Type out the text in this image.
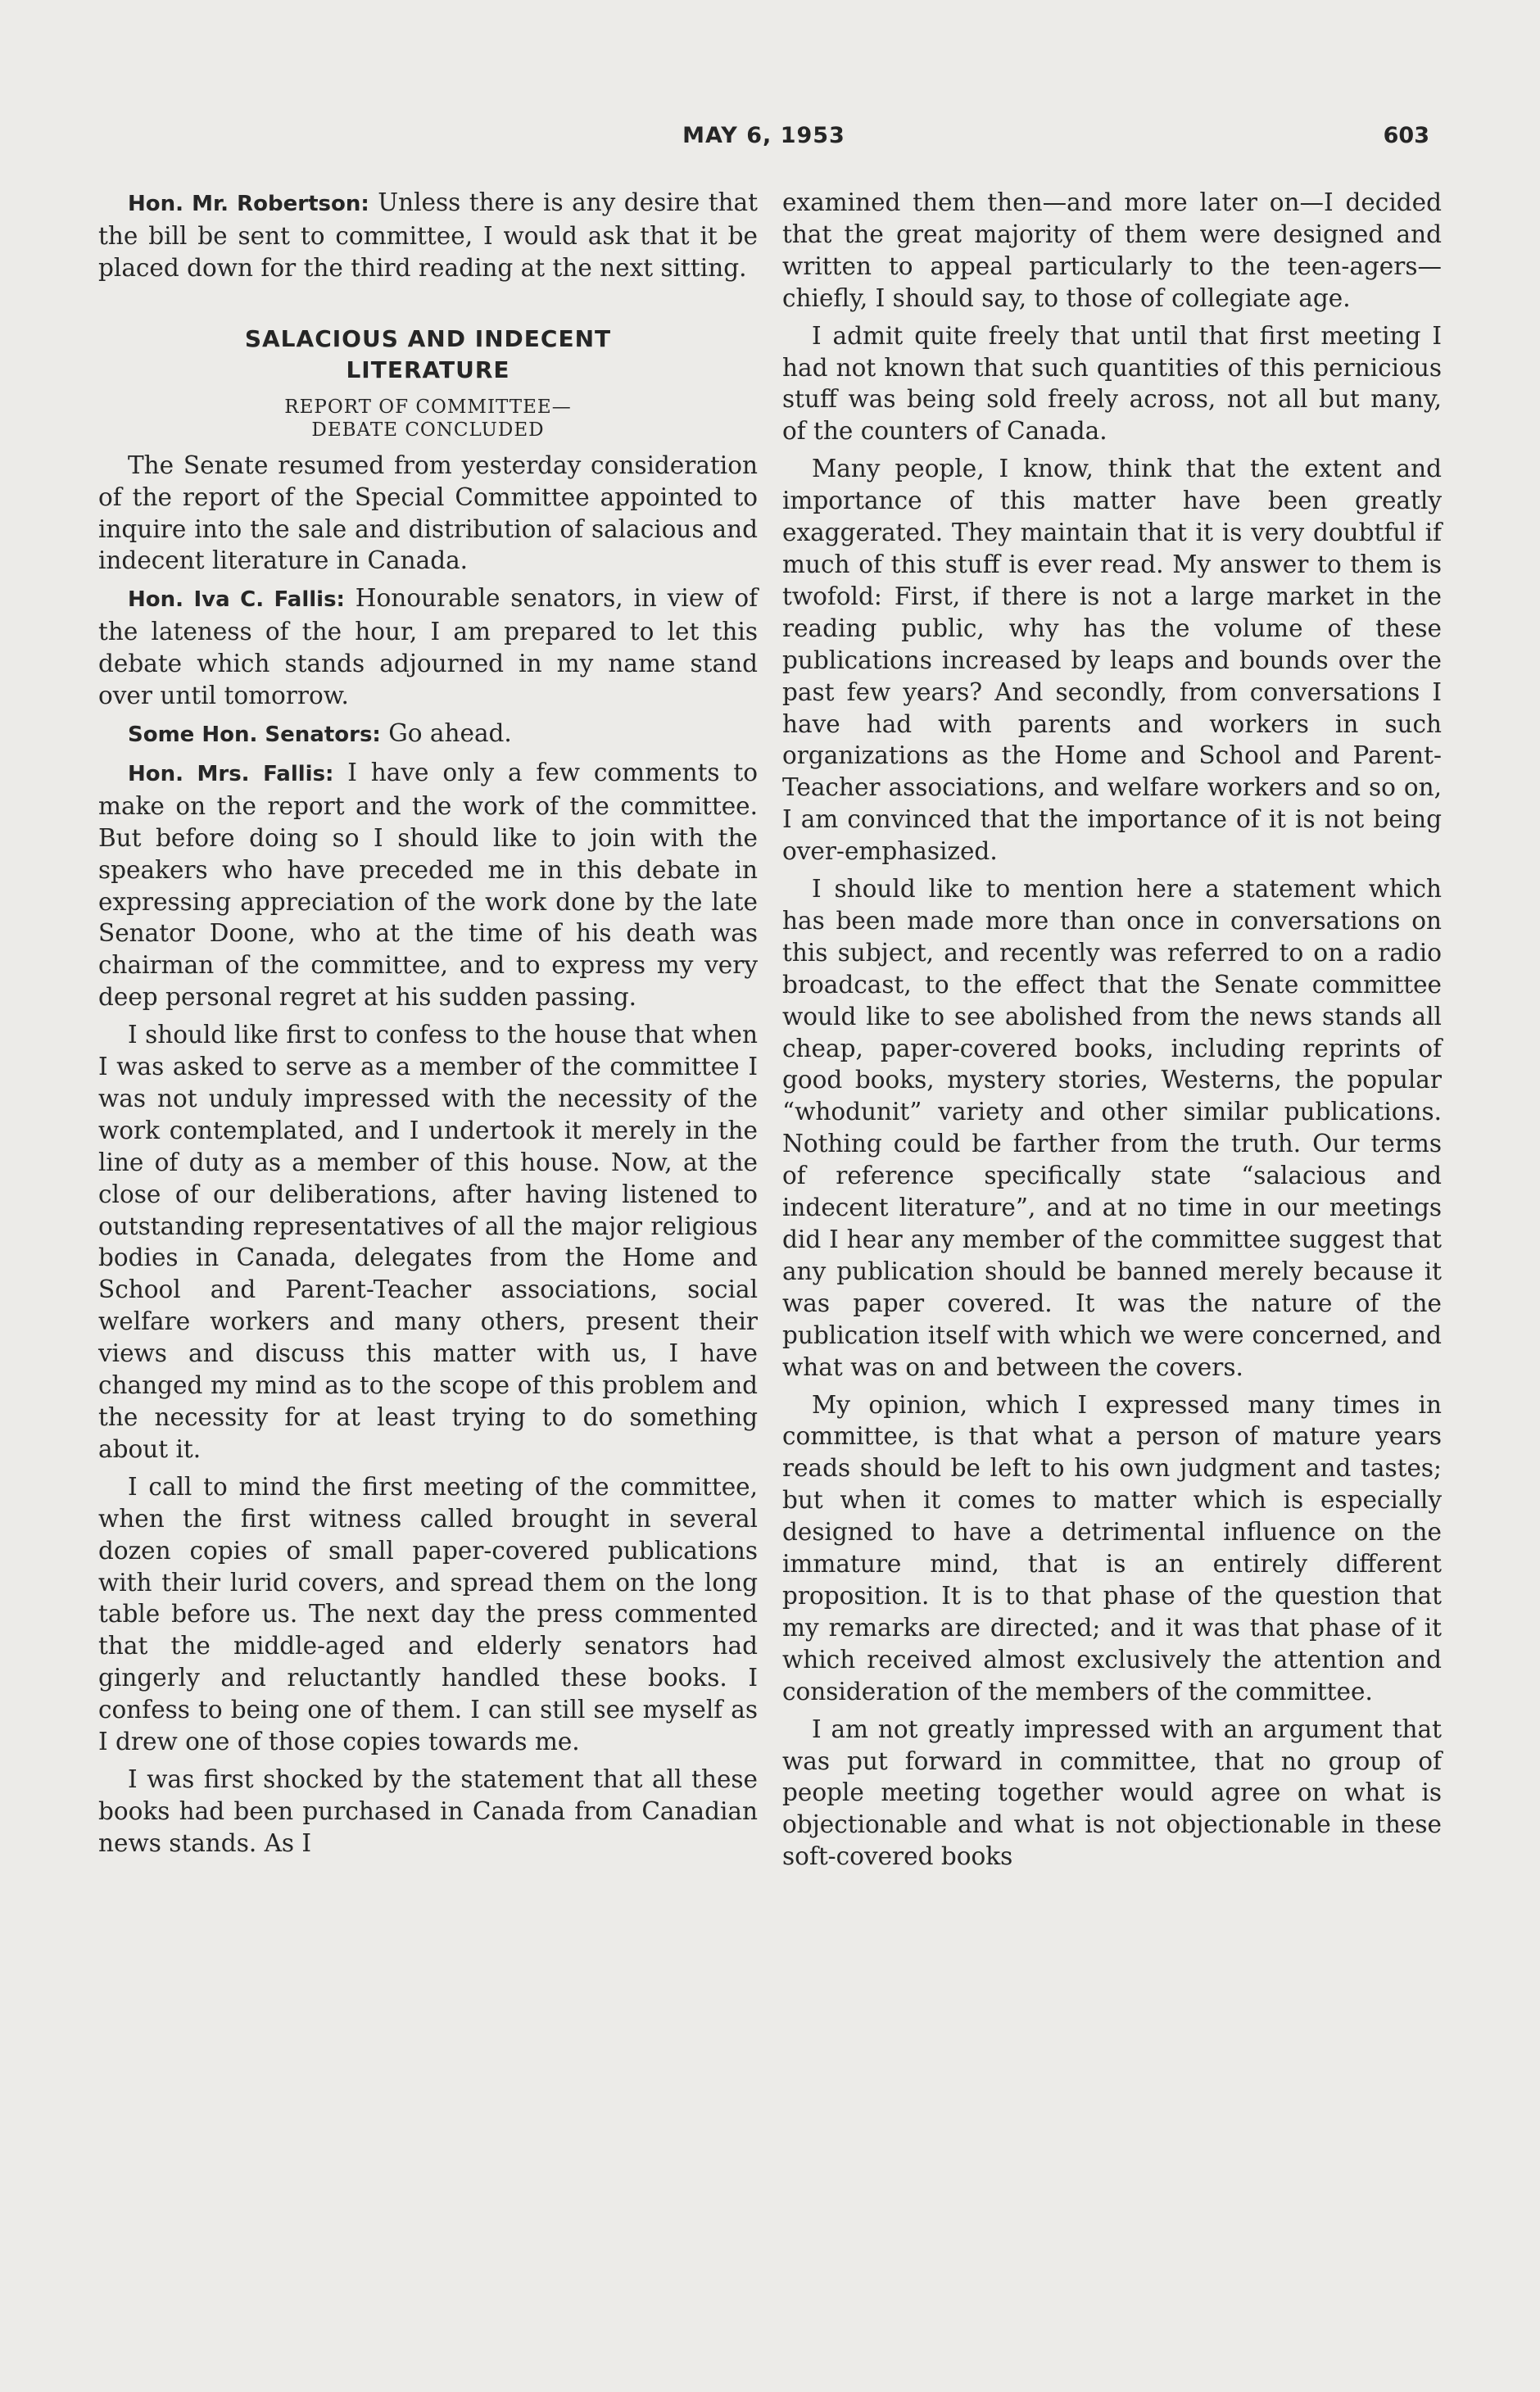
MAY 6, 1953	603

Hon. Mr. Robertson: Unless there is any desire that the bill be sent to committee, I would ask that it be placed down for the third reading at the next sitting.

SALACIOUS AND INDECENT
LITERATURE
REPORT OF COMMITTEE—
DEBATE CONCLUDED

The Senate resumed from yesterday consideration of the report of the Special Committee appointed to inquire into the sale and distribution of salacious and indecent literature in Canada.

Hon. Iva C. Fallis: Honourable senators, in view of the lateness of the hour, I am prepared to let this debate which stands adjourned in my name stand over until tomorrow.

Some Hon. Senators: Go ahead.

Hon. Mrs. Fallis: I have only a few comments to make on the report and the work of the committee. But before doing so I should like to join with the speakers who have preceded me in this debate in expressing appreciation of the work done by the late Senator Doone, who at the time of his death was chairman of the committee, and to express my very deep personal regret at his sudden passing.

I should like first to confess to the house that when I was asked to serve as a member of the committee I was not unduly impressed with the necessity of the work contemplated, and I undertook it merely in the line of duty as a member of this house. Now, at the close of our deliberations, after having listened to outstanding representatives of all the major religious bodies in Canada, delegates from the Home and School and Parent-Teacher associations, social welfare workers and many others, present their views and discuss this matter with us, I have changed my mind as to the scope of this problem and the necessity for at least trying to do something about it.

I call to mind the first meeting of the committee, when the first witness called brought in several dozen copies of small paper-covered publications with their lurid covers, and spread them on the long table before us. The next day the press commented that the middle-aged and elderly senators had gingerly and reluctantly handled these books. I confess to being one of them. I can still see myself as I drew one of those copies towards me.

I was first shocked by the statement that all these books had been purchased in Canada from Canadian news stands. As I

examined them then—and more later on—I decided that the great majority of them were designed and written to appeal particularly to the teen-agers—chiefly, I should say, to those of collegiate age.

I admit quite freely that until that first meeting I had not known that such quantities of this pernicious stuff was being sold freely across, not all but many, of the counters of Canada.

Many people, I know, think that the extent and importance of this matter have been greatly exaggerated. They maintain that it is very doubtful if much of this stuff is ever read. My answer to them is twofold: First, if there is not a large market in the reading public, why has the volume of these publications increased by leaps and bounds over the past few years? And secondly, from conversations I have had with parents and workers in such organizations as the Home and School and Parent-Teacher associations, and welfare workers and so on, I am convinced that the importance of it is not being over-emphasized.

I should like to mention here a statement which has been made more than once in conversations on this subject, and recently was referred to on a radio broadcast, to the effect that the Senate committee would like to see abolished from the news stands all cheap, paper-covered books, including reprints of good books, mystery stories, Westerns, the popular “whodunit” variety and other similar publications. Nothing could be farther from the truth. Our terms of reference specifically state “salacious and indecent literature”, and at no time in our meetings did I hear any member of the committee suggest that any publication should be banned merely because it was paper covered. It was the nature of the publication itself with which we were concerned, and what was on and between the covers.

My opinion, which I expressed many times in committee, is that what a person of mature years reads should be left to his own judgment and tastes; but when it comes to matter which is especially designed to have a detrimental influence on the immature mind, that is an entirely different proposition. It is to that phase of the question that my remarks are directed; and it was that phase of it which received almost exclusively the attention and consideration of the members of the committee.

I am not greatly impressed with an argument that was put forward in committee, that no group of people meeting together would agree on what is objectionable and what is not objectionable in these soft-covered books
